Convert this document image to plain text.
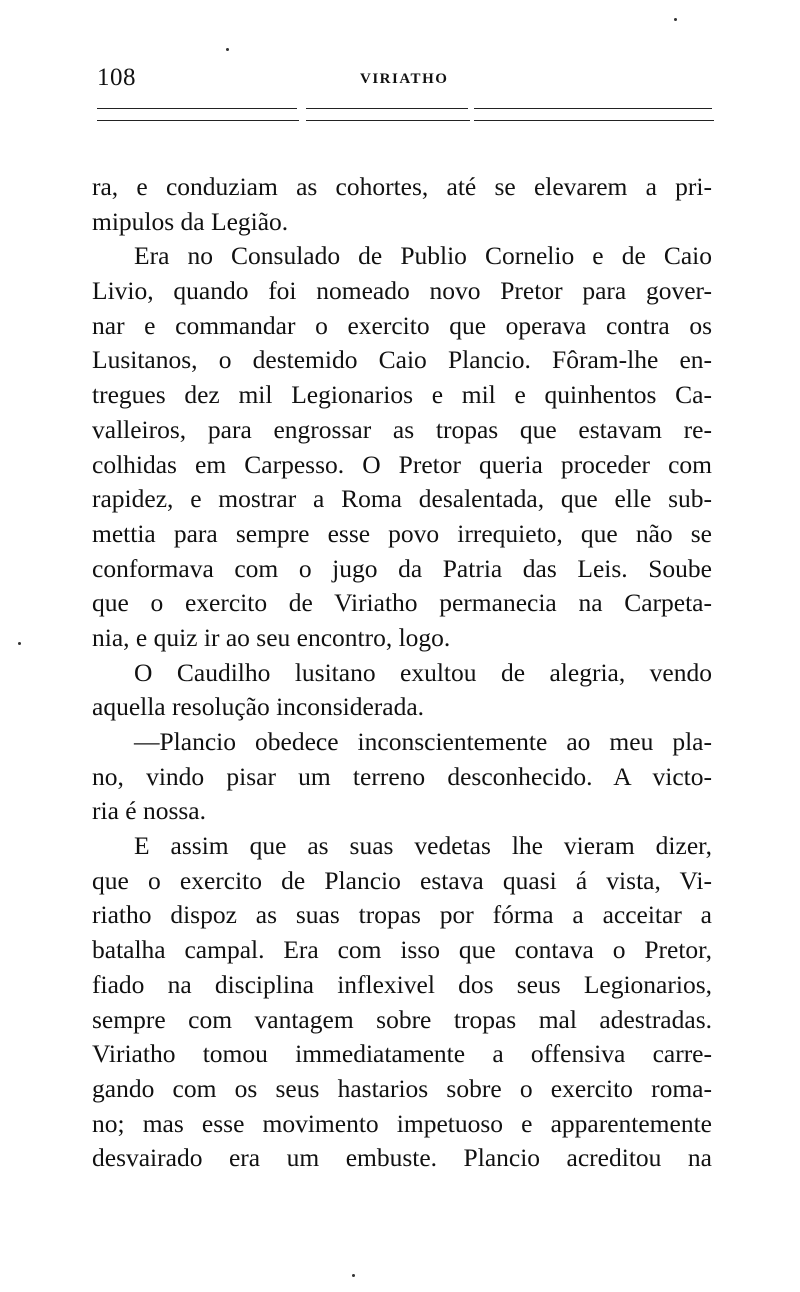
108	VIRIATHO
ra, e conduziam as cohortes, até se elevarem a pri-
mipulos da Legião.
Era no Consulado de Publio Cornelio e de Caio
Livio, quando foi nomeado novo Pretor para gover-
nar e commandar o exercito que operava contra os
Lusitanos, o destemido Caio Plancio. Fôram-lhe en-
tregues dez mil Legionarios e mil e quinhentos Ca-
valleiros, para engrossar as tropas que estavam re-
colhidas em Carpesso. O Pretor queria proceder com
rapidez, e mostrar a Roma desalentada, que elle sub-
mettia para sempre esse povo irrequieto, que não se
conformava com o jugo da Patria das Leis. Soube
que o exercito de Viriatho permanecia na Carpeta-
nia, e quiz ir ao seu encontro, logo.
O Caudilho lusitano exultou de alegria, vendo
aquella resolução inconsiderada.
—Plancio obedece inconscientemente ao meu pla-
no, vindo pisar um terreno desconhecido. A victo-
ria é nossa.
E assim que as suas vedetas lhe vieram dizer,
que o exercito de Plancio estava quasi á vista, Vi-
riatho dispoz as suas tropas por fórma a acceitar a
batalha campal. Era com isso que contava o Pretor,
fiado na disciplina inflexivel dos seus Legionarios,
sempre com vantagem sobre tropas mal adestradas.
Viriatho tomou immediatamente a offensiva carre-
gando com os seus hastarios sobre o exercito roma-
no; mas esse movimento impetuoso e apparentemente
desvairado era um embuste. Plancio acreditou na
